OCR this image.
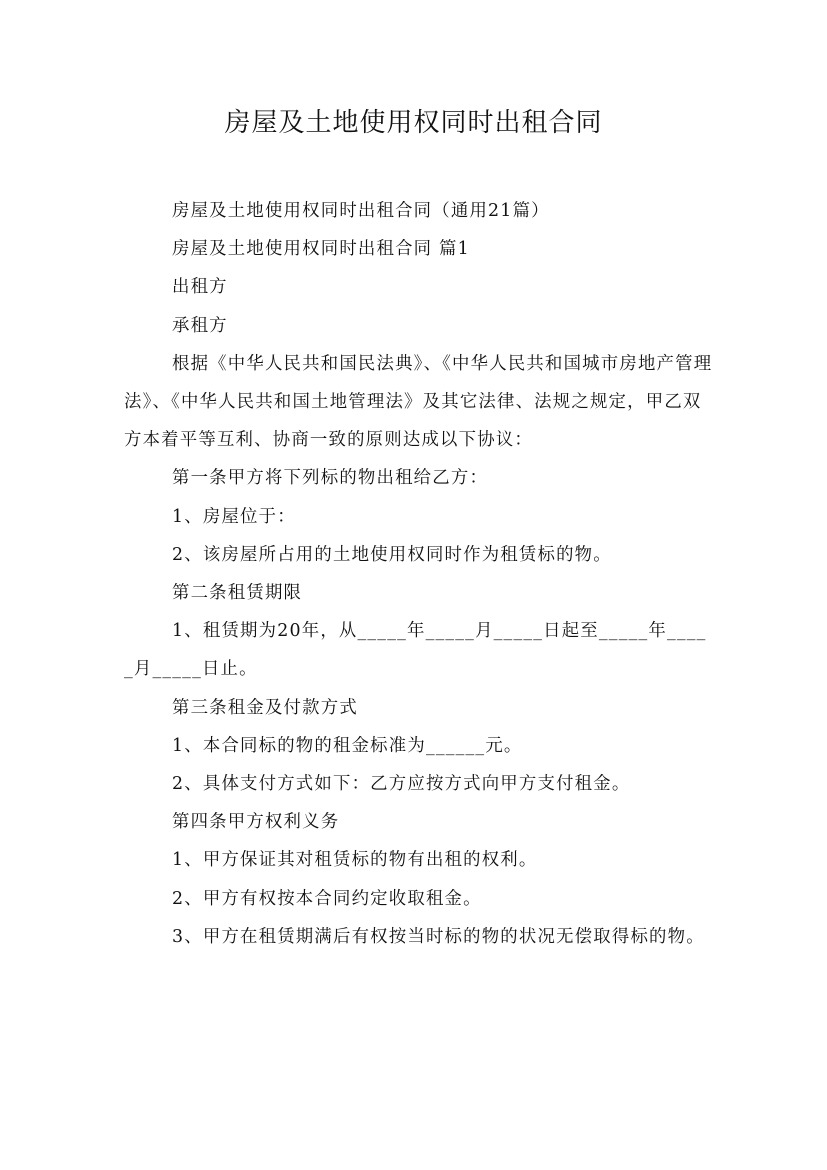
房屋及土地使用权同时出租合同

房屋及土地使用权同时出租合同（通用21篇）

房屋及土地使用权同时出租合同 篇1

出租方

承租方

根据《中华人民共和国民法典》、《中华人民共和国城市房地产管理法》、《中华人民共和国土地管理法》及其它法律、法规之规定，甲乙双方本着平等互利、协商一致的原则达成以下协议：

第一条甲方将下列标的物出租给乙方：

1、房屋位于：

2、该房屋所占用的土地使用权同时作为租赁标的物。

第二条租赁期限

1、租赁期为20年，从_____年_____月_____日起至_____年_____月_____日止。

第三条租金及付款方式

1、本合同标的物的租金标准为______元。

2、具体支付方式如下：乙方应按方式向甲方支付租金。

第四条甲方权利义务

1、甲方保证其对租赁标的物有出租的权利。

2、甲方有权按本合同约定收取租金。

3、甲方在租赁期满后有权按当时标的物的状况无偿取得标的物。
